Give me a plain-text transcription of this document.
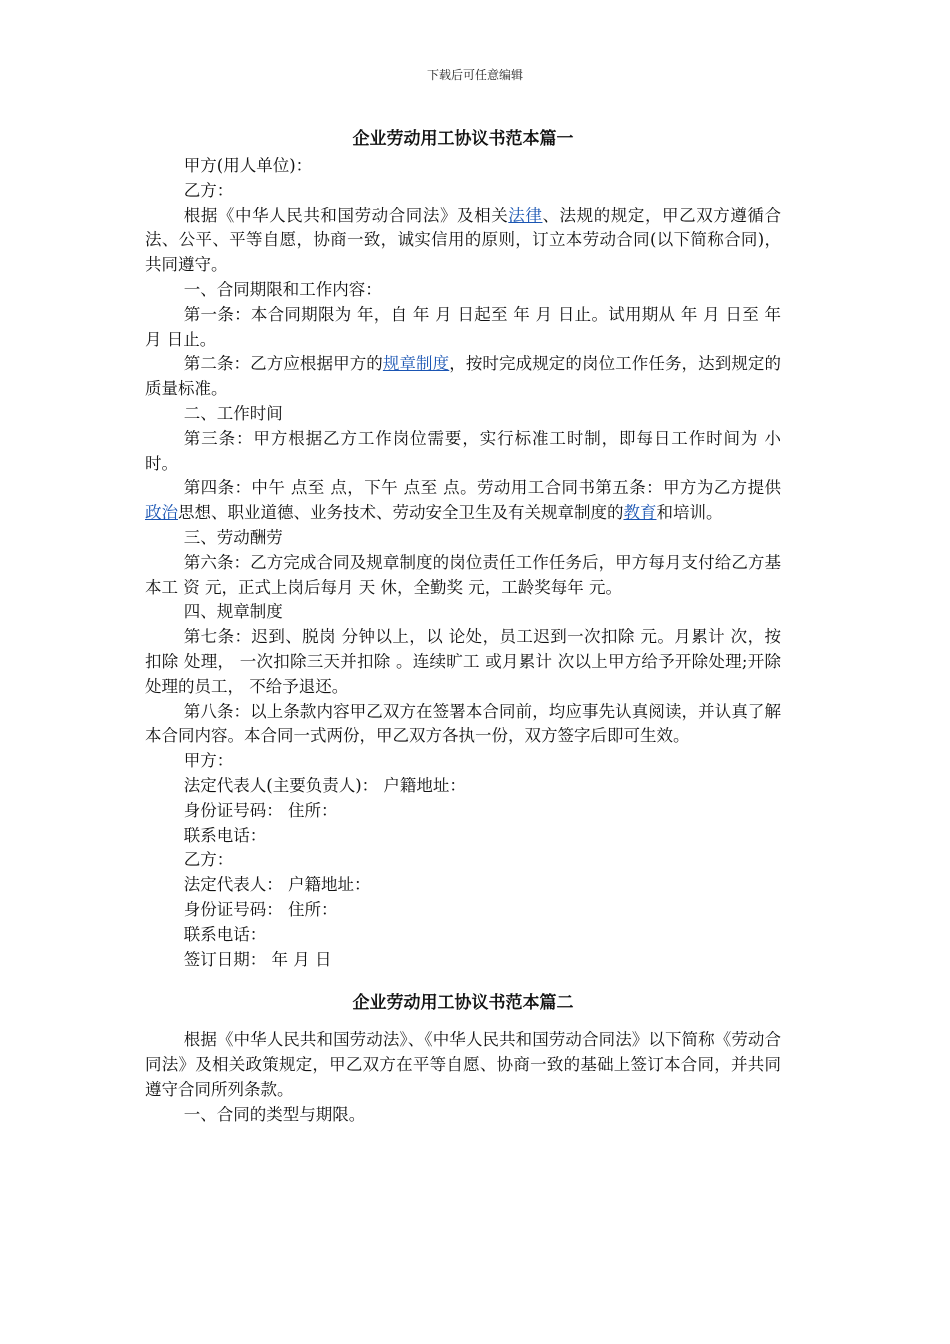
下载后可任意编辑
企业劳动用工协议书范本篇一

甲方(用人单位)：

乙方：

根据《中华人民共和国劳动合同法》及相关法律、法规的规定，甲乙双方遵循合法、公平、平等自愿，协商一致，诚实信用的原则，订立本劳动合同(以下简称合同)，共同遵守。

一、合同期限和工作内容：

第一条：本合同期限为 年，自 年 月 日起至 年 月 日止。试用期从 年 月 日至 年 月 日止。

第二条：乙方应根据甲方的规章制度，按时完成规定的岗位工作任务，达到规定的质量标准。

二、工作时间

第三条：甲方根据乙方工作岗位需要，实行标准工时制，即每日工作时间为 小时。

第四条：中午 点至 点，下午 点至 点。劳动用工合同书第五条：甲方为乙方提供政治思想、职业道德、业务技术、劳动安全卫生及有关规章制度的教育和培训。

三、劳动酬劳

第六条：乙方完成合同及规章制度的岗位责任工作任务后，甲方每月支付给乙方基本工 资 元，正式上岗后每月 天 休，全勤奖 元，工龄奖每年 元。

四、规章制度

第七条：迟到、脱岗 分钟以上，以 论处，员工迟到一次扣除 元。月累计 次，按扣除 处理， 一次扣除三天并扣除 。连续旷工 或月累计 次以上甲方给予开除处理;开除处理的员工， 不给予退还。

第八条：以上条款内容甲乙双方在签署本合同前，均应事先认真阅读，并认真了解本合同内容。本合同一式两份，甲乙双方各执一份，双方签字后即可生效。

甲方：

法定代表人(主要负责人)： 户籍地址：

身份证号码： 住所：

联系电话：

乙方：

法定代表人： 户籍地址：

身份证号码： 住所：

联系电话：

签订日期： 年 月 日

企业劳动用工协议书范本篇二

根据《中华人民共和国劳动法》、《中华人民共和国劳动合同法》以下简称《劳动合同法》及相关政策规定，甲乙双方在平等自愿、协商一致的基础上签订本合同，并共同遵守合同所列条款。

一、合同的类型与期限。
